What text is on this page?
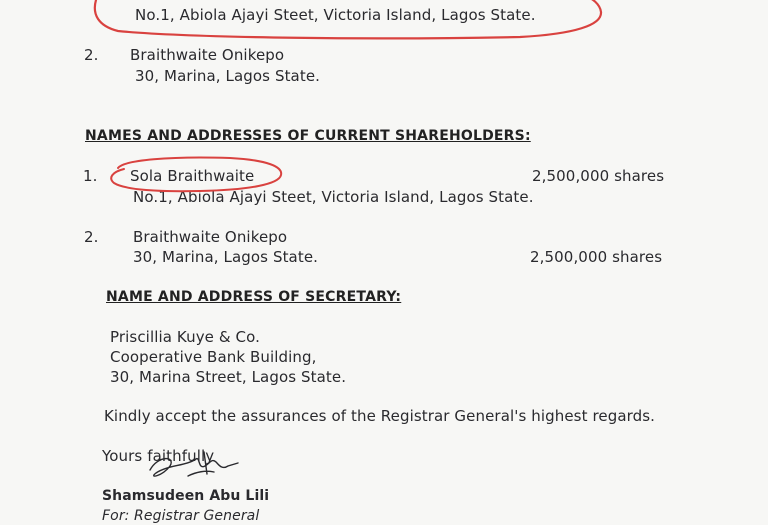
No.1, Abiola Ajayi Steet, Victoria Island, Lagos State.
2. Braithwaite Onikepo
30, Marina, Lagos State.
NAMES AND ADDRESSES OF CURRENT SHAREHOLDERS:
1. Sola Braithwaite	2,500,000 shares
No.1, Abiola Ajayi Steet, Victoria Island, Lagos State.
2. Braithwaite Onikepo
30, Marina, Lagos State.	2,500,000 shares
NAME AND ADDRESS OF SECRETARY:
Priscillia Kuye & Co.
Cooperative Bank Building,
30, Marina Street, Lagos State.
Kindly accept the assurances of the Registrar General's highest regards.
Yours faithfully
Shamsudeen Abu Lili
For: Registrar General
